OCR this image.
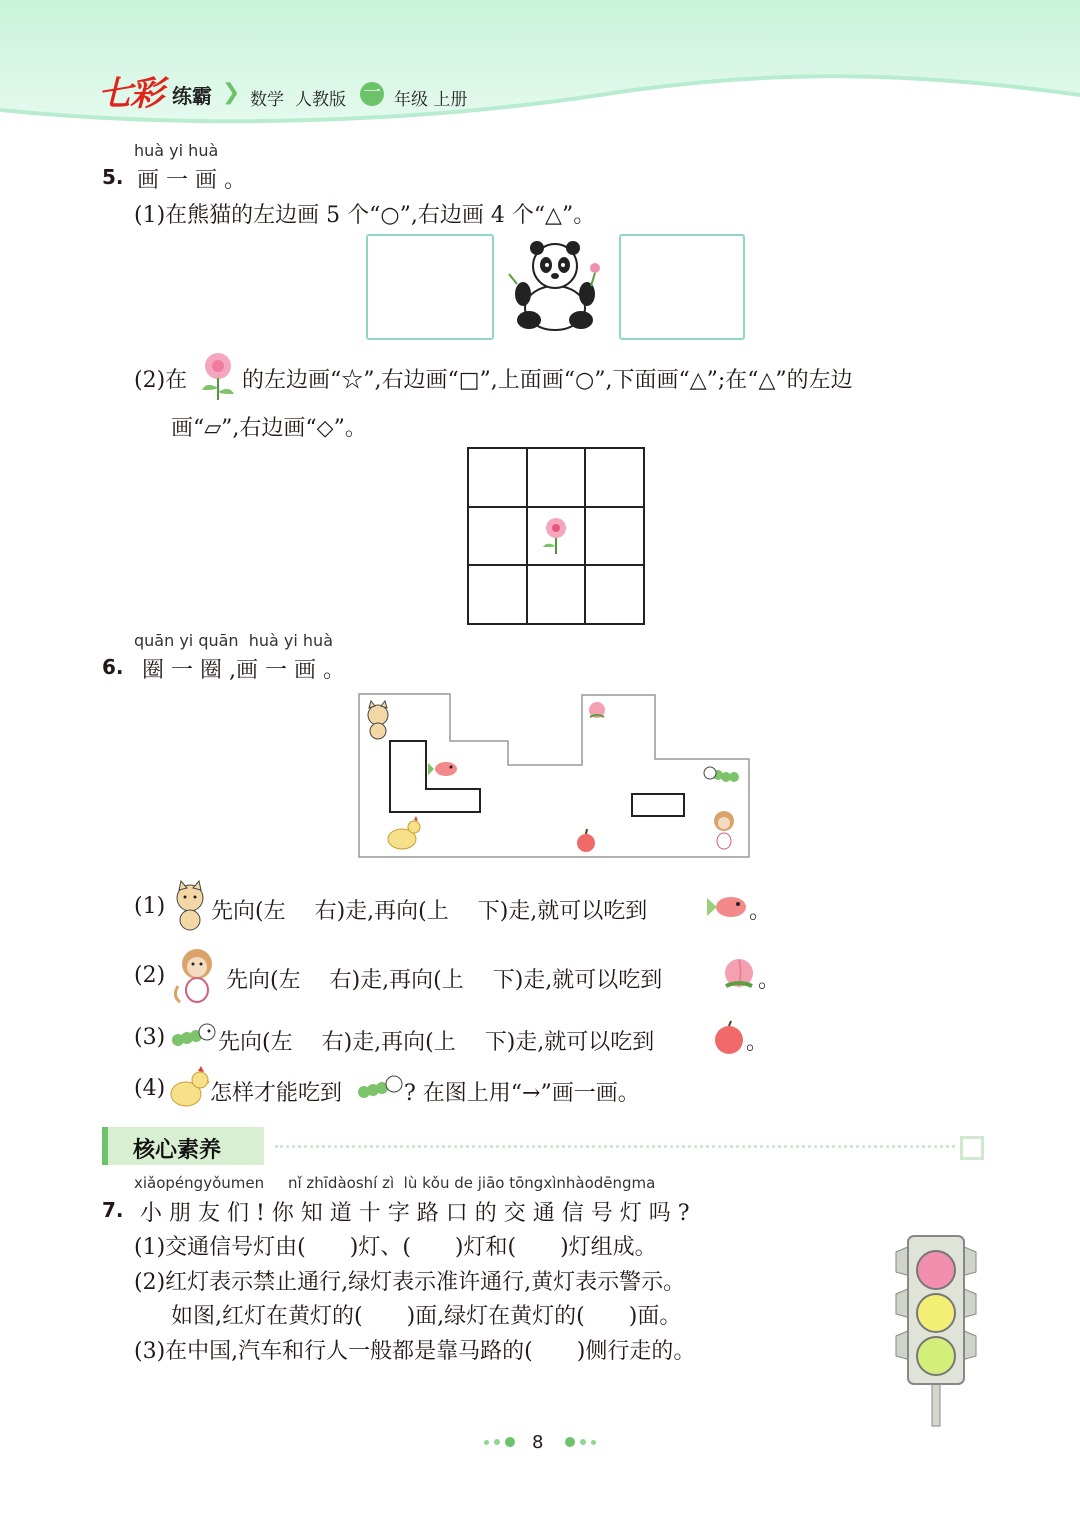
七彩 练霸 ❯ 数学 人教版 一 年级 上册
huà yi huà
5. 画 一 画 。
(1)在熊猫的左边画 5 个“○”,右边画 4 个“△”。
(2)在 的左边画“☆”,右边画“□”,上面画“○”,下面画“△”;在“△”的左边
画“▱”,右边画“◇”。
quān yi quān  huà yi huà
6. 圈 一 圈 ,画 一 画 。
(1) 先向(左　 右)走,再向(上　 下)走,就可以吃到	。
(2)	先向(左　 右)走,再向(上　 下)走,就可以吃到	。
(3) 先向(左　 右)走,再向(上　 下)走,就可以吃到	。
(4) 怎样才能吃到	? 在图上用“→”画一画。
核心素养
xiǎopéngyǒumen     nǐ zhīdàoshí zì  lù kǒu de jiāo tōngxìnhàodēngma
7. 小 朋 友 们 ! 你 知 道 十 字 路 口 的 交 通 信 号 灯 吗 ?
(1)交通信号灯由(　　)灯、(　　)灯和(　　)灯组成。
(2)红灯表示禁止通行,绿灯表示准许通行,黄灯表示警示。
如图,红灯在黄灯的(　　)面,绿灯在黄灯的(　　)面。
(3)在中国,汽车和行人一般都是靠马路的(　　)侧行走的。
8
